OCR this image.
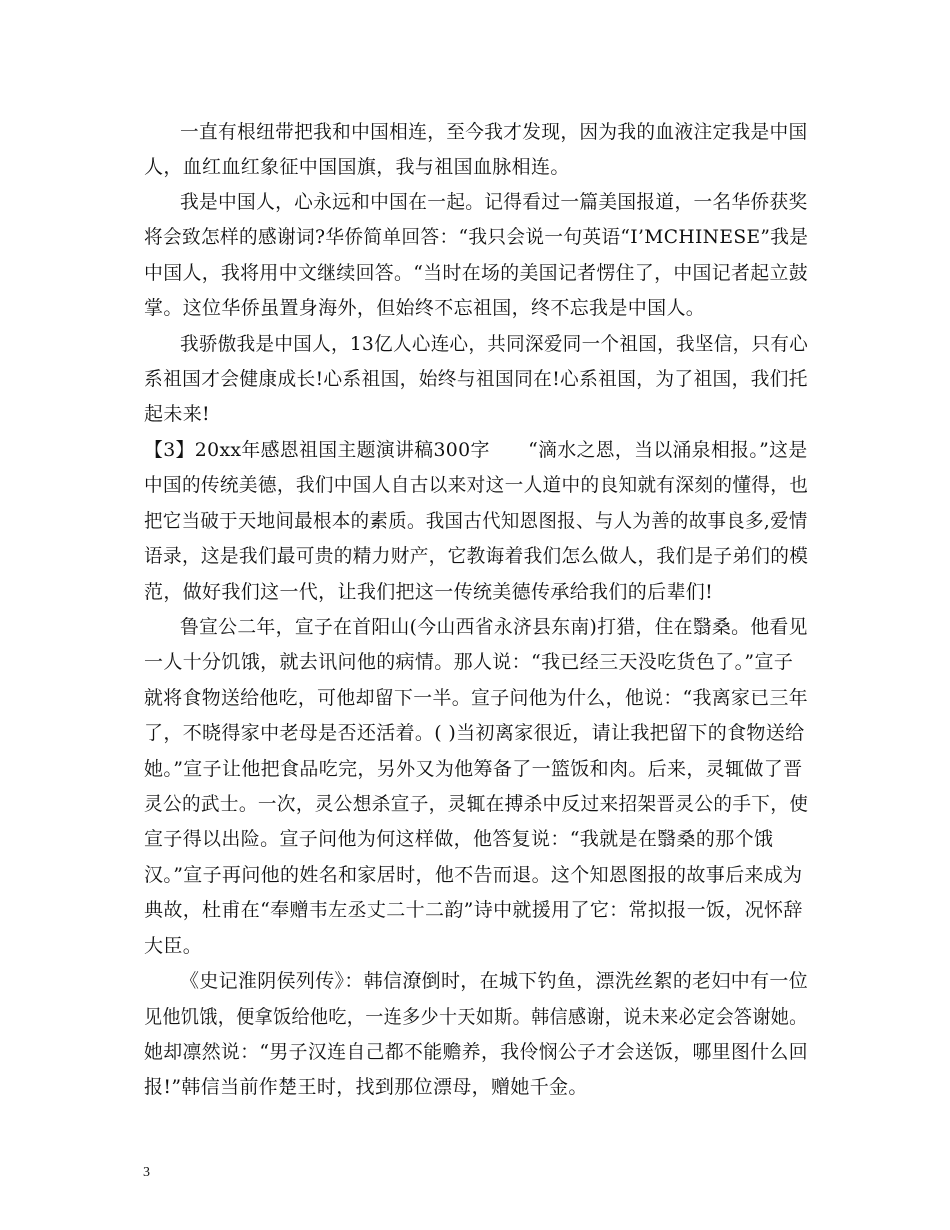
一直有根纽带把我和中国相连，至今我才发现，因为我的血液注定我是中国
人，血红血红象征中国国旗，我与祖国血脉相连。
我是中国人，心永远和中国在一起。记得看过一篇美国报道，一名华侨获奖
将会致怎样的感谢词?华侨简单回答：“我只会说一句英语“I’MCHINESE”我是
中国人，我将用中文继续回答。“当时在场的美国记者愣住了，中国记者起立鼓
掌。这位华侨虽置身海外，但始终不忘祖国，终不忘我是中国人。
我骄傲我是中国人，13亿人心连心，共同深爱同一个祖国，我坚信，只有心
系祖国才会健康成长!心系祖国，始终与祖国同在!心系祖国，为了祖国，我们托
起未来!
【3】20xx年感恩祖国主题演讲稿300字　　“滴水之恩，当以涌泉相报。”这是
中国的传统美德，我们中国人自古以来对这一人道中的良知就有深刻的懂得，也
把它当破于天地间最根本的素质。我国古代知恩图报、与人为善的故事良多,爱情
语录，这是我们最可贵的精力财产，它教诲着我们怎么做人，我们是子弟们的模
范，做好我们这一代，让我们把这一传统美德传承给我们的后辈们!
鲁宣公二年，宣子在首阳山(今山西省永济县东南)打猎，住在翳桑。他看见
一人十分饥饿，就去讯问他的病情。那人说：“我已经三天没吃货色了。”宣子
就将食物送给他吃，可他却留下一半。宣子问他为什么，他说：“我离家已三年
了，不晓得家中老母是否还活着。( )当初离家很近，请让我把留下的食物送给
她。”宣子让他把食品吃完，另外又为他筹备了一篮饭和肉。后来，灵辄做了晋
灵公的武士。一次，灵公想杀宣子，灵辄在搏杀中反过来招架晋灵公的手下，使
宣子得以出险。宣子问他为何这样做，他答复说：“我就是在翳桑的那个饿
汉。”宣子再问他的姓名和家居时，他不告而退。这个知恩图报的故事后来成为
典故，杜甫在“奉赠韦左丞丈二十二韵”诗中就援用了它：常拟报一饭，况怀辞
大臣。
《史记淮阴侯列传》：韩信潦倒时，在城下钓鱼，漂洗丝絮的老妇中有一位
见他饥饿，便拿饭给他吃，一连多少十天如斯。韩信感谢，说未来必定会答谢她。
她却凛然说：“男子汉连自己都不能赡养，我伶悯公子才会送饭，哪里图什么回
报!”韩信当前作楚王时，找到那位漂母，赠她千金。
3
